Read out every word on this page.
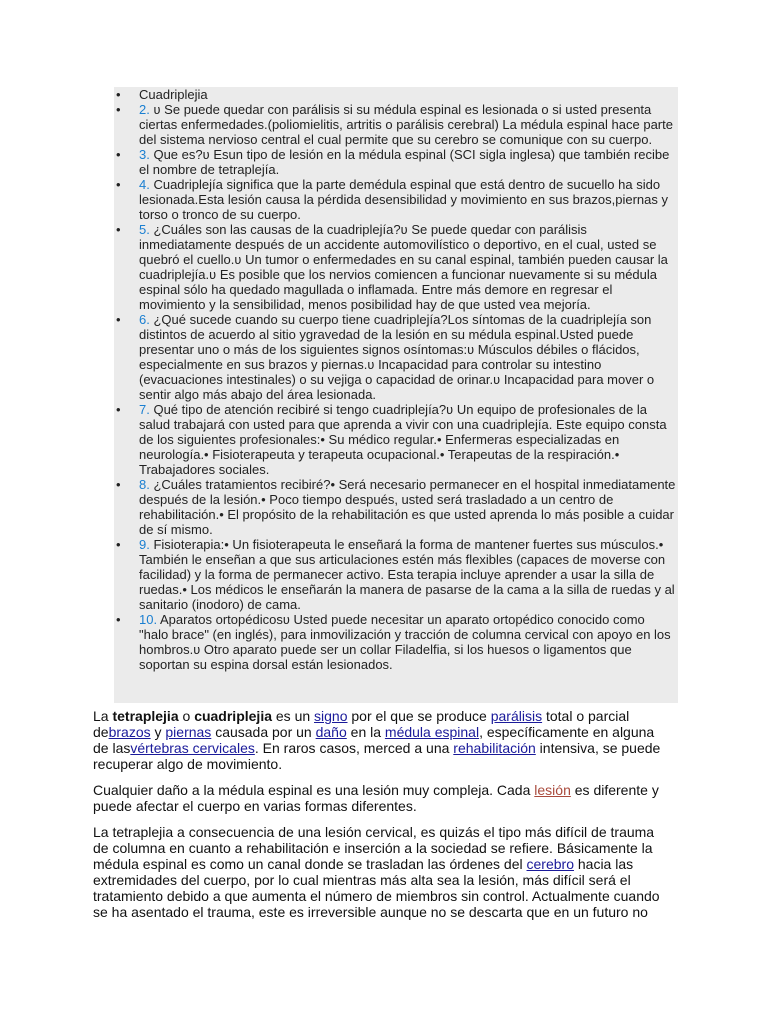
• Cuadriplejia
• 2. ʋ Se puede quedar con parálisis si su médula espinal es lesionada o si usted presenta ciertas enfermedades.(poliomielitis, artritis o parálisis cerebral) La médula espinal hace parte del sistema nervioso central el cual permite que su cerebro se comunique con su cuerpo.
• 3. Que es?ʋ Esun tipo de lesión en la médula espinal (SCI sigla inglesa) que también recibe el nombre de tetraplejía.
• 4. Cuadriplejía significa que la parte demédula espinal que está dentro de sucuello ha sido lesionada.Esta lesión causa la pérdida desensibilidad y movimiento en sus brazos,piernas y torso o tronco de su cuerpo.
• 5. ¿Cuáles son las causas de la cuadriplejía?ʋ Se puede quedar con parálisis inmediatamente después de un accidente automovilístico o deportivo, en el cual, usted se quebró el cuello.ʋ Un tumor o enfermedades en su canal espinal, también pueden causar la cuadriplejía.ʋ Es posible que los nervios comiencen a funcionar nuevamente si su médula espinal sólo ha quedado magullada o inflamada. Entre más demore en regresar el movimiento y la sensibilidad, menos posibilidad hay de que usted vea mejoría.
• 6. ¿Qué sucede cuando su cuerpo tiene cuadriplejía?Los síntomas de la cuadriplejía son distintos de acuerdo al sitio ygravedad de la lesión en su médula espinal.Usted puede presentar uno o más de los siguientes signos osíntomas:ʋ Músculos débiles o flácidos, especialmente en sus brazos y piernas.ʋ Incapacidad para controlar su intestino (evacuaciones intestinales) o su vejiga o capacidad de orinar.ʋ Incapacidad para mover o sentir algo más abajo del área lesionada.
• 7. Qué tipo de atención recibiré si tengo cuadriplejía?ʋ Un equipo de profesionales de la salud trabajará con usted para que aprenda a vivir con una cuadriplejía. Este equipo consta de los siguientes profesionales:• Su médico regular.• Enfermeras especializadas en neurología.• Fisioterapeuta y terapeuta ocupacional.• Terapeutas de la respiración.• Trabajadores sociales.
• 8. ¿Cuáles tratamientos recibiré?• Será necesario permanecer en el hospital inmediatamente después de la lesión.• Poco tiempo después, usted será trasladado a un centro de rehabilitación.• El propósito de la rehabilitación es que usted aprenda lo más posible a cuidar de sí mismo.
• 9. Fisioterapia:• Un fisioterapeuta le enseñará la forma de mantener fuertes sus músculos.• También le enseñan a que sus articulaciones estén más flexibles (capaces de moverse con facilidad) y la forma de permanecer activo. Esta terapia incluye aprender a usar la silla de ruedas.• Los médicos le enseñarán la manera de pasarse de la cama a la silla de ruedas y al sanitario (inodoro) de cama.
• 10. Aparatos ortopédicosʋ Usted puede necesitar un aparato ortopédico conocido como "halo brace" (en inglés), para inmovilización y tracción de columna cervical con apoyo en los hombros.ʋ Otro aparato puede ser un collar Filadelfia, si los huesos o ligamentos que soportan su espina dorsal están lesionados.

La tetraplejia o cuadriplejia es un signo por el que se produce parálisis total o parcial debrazos y piernas causada por un daño en la médula espinal, específicamente en alguna de lasvértebras cervicales. En raros casos, merced a una rehabilitación intensiva, se puede recuperar algo de movimiento.

Cualquier daño a la médula espinal es una lesión muy compleja. Cada lesión es diferente y puede afectar el cuerpo en varias formas diferentes.

La tetraplejia a consecuencia de una lesión cervical, es quizás el tipo más difícil de trauma de columna en cuanto a rehabilitación e inserción a la sociedad se refiere. Básicamente la médula espinal es como un canal donde se trasladan las órdenes del cerebro hacia las extremidades del cuerpo, por lo cual mientras más alta sea la lesión, más difícil será el tratamiento debido a que aumenta el número de miembros sin control. Actualmente cuando se ha asentado el trauma, este es irreversible aunque no se descarta que en un futuro no
